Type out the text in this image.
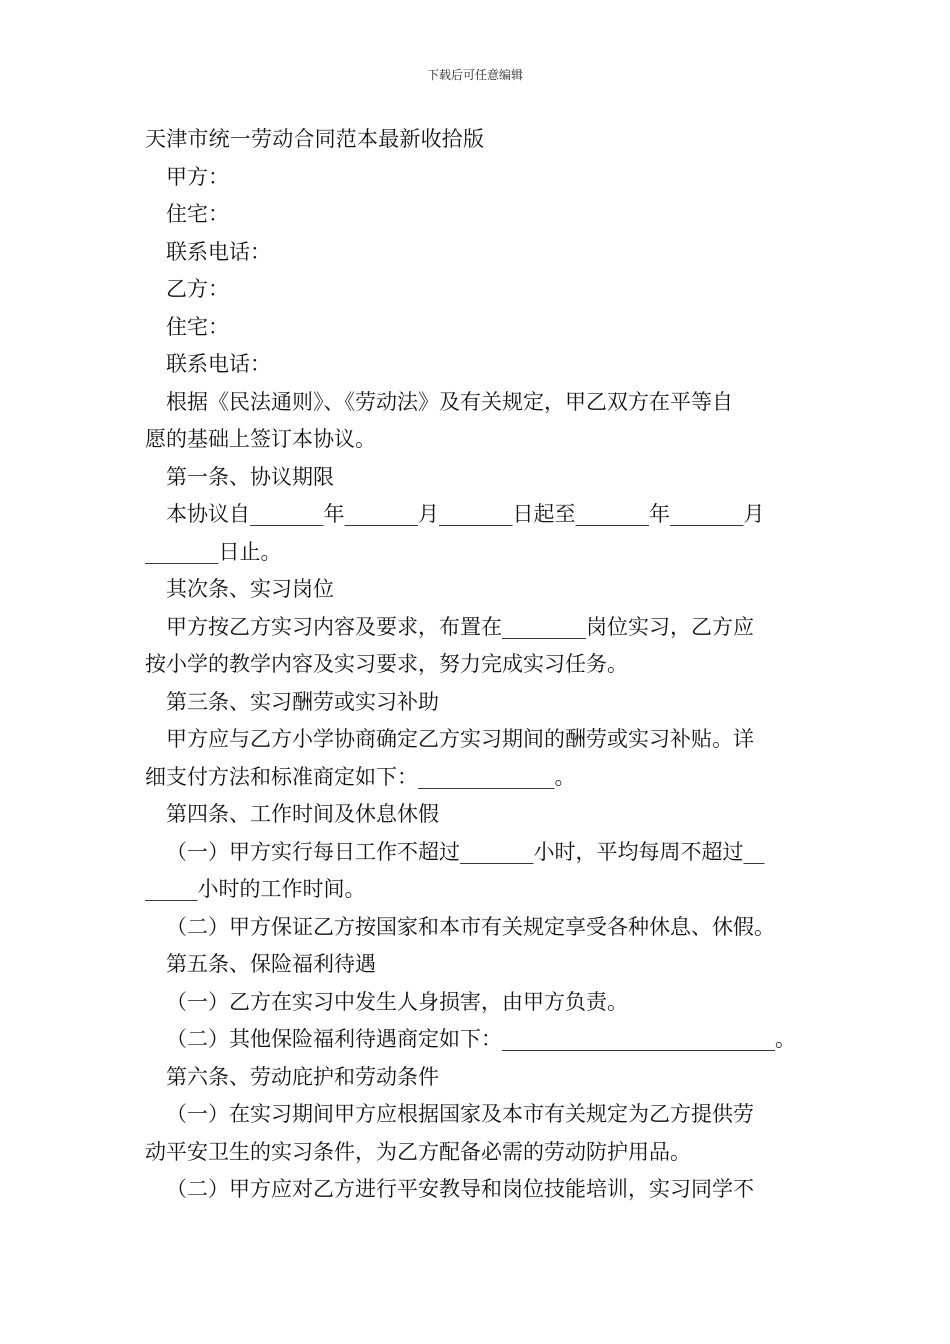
下载后可任意编辑

天津市统一劳动合同范本最新收拾版

甲方：

住宅：

联系电话：

乙方：

住宅：

联系电话：

根据《民法通则》、《劳动法》及有关规定，甲乙双方在平等自

愿的基础上签订本协议。

第一条、协议期限

本协议自_______年_______月_______日起至_______年_______月

_______日止。

其次条、实习岗位

甲方按乙方实习内容及要求，布置在________岗位实习，乙方应

按小学的教学内容及实习要求，努力完成实习任务。

第三条、实习酬劳或实习补助

甲方应与乙方小学协商确定乙方实习期间的酬劳或实习补贴。详

细支付方法和标准商定如下：_____________。

第四条、工作时间及休息休假

（一）甲方实行每日工作不超过_______小时，平均每周不超过__

_____小时的工作时间。

（二）甲方保证乙方按国家和本市有关规定享受各种休息、休假。

第五条、保险福利待遇

（一）乙方在实习中发生人身损害，由甲方负责。

（二）其他保险福利待遇商定如下：__________________________。

第六条、劳动庇护和劳动条件

（一）在实习期间甲方应根据国家及本市有关规定为乙方提供劳

动平安卫生的实习条件，为乙方配备必需的劳动防护用品。

（二）甲方应对乙方进行平安教导和岗位技能培训，实习同学不
